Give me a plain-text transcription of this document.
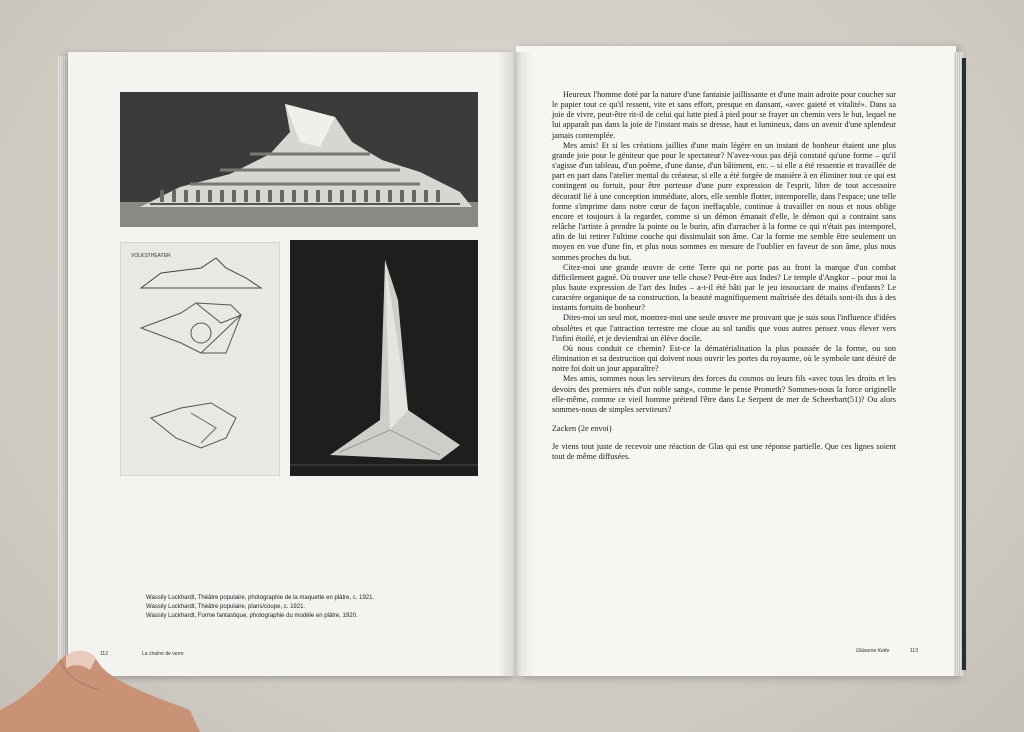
VOLKSTHEATER
Wassily Luckhardt, Théâtre populaire, photographie de la maquette en plâtre, c. 1921.
Wassily Luckhardt, Théâtre populaire, plans/coupe, c. 1921.
Wassily Luckhardt, Forme fantastique, photographie du modèle en plâtre, 1920.
112	La chaîne de verre

Heureux l'homme doté par la nature d'une fantaisie jaillissante et d'une main adroite pour coucher sur le papier tout ce qu'il ressent, vite et sans effort, presque en dansant, «avec gaieté et vitalité». Dans sa joie de vivre, peut-être rit-il de celui qui lutte pied à pied pour se frayer un chemin vers le but, lequel ne lui apparaît pas dans la joie de l'instant mais se dresse, haut et lumineux, dans un avenir d'une splendeur jamais contemplée.

Mes amis! Et si les créations jaillies d'une main légère en un instant de bonheur étaient une plus grande joie pour le géniteur que pour le spectateur? N'avez-vous pas déjà constaté qu'une forme – qu'il s'agisse d'un tableau, d'un poème, d'une danse, d'un bâtiment, etc. – si elle a été ressentie et travaillée de part en part dans l'atelier mental du créateur, si elle a été forgée de manière à en éliminer tout ce qui est contingent ou fortuit, pour être porteuse d'une pure expression de l'esprit, libre de tout accessoire décoratif lié à une conception immédiate, alors, elle semble flotter, intemporelle, dans l'espace; une telle forme s'imprime dans notre cœur de façon ineffaçable, continue à travailler en nous et nous oblige encore et toujours à la regarder, comme si un démon émanait d'elle, le démon qui a contraint sans relâche l'artiste à prendre la pointe ou le burin, afin d'arracher à la forme ce qui n'était pas intemporel, afin de lui retirer l'ultime couche qui dissimulait son âme. Car la forme me semble être seulement un moyen en vue d'une fin, et plus nous sommes en mesure de l'oublier en faveur de son âme, plus nous sommes proches du but.

Citez-moi une grande œuvre de cette Terre qui ne porte pas au front la marque d'un combat difficilement gagné. Où trouver une telle chose? Peut-être aux Indes? Le temple d'Angkor – pour moi la plus haute expression de l'art des Indes – a-t-il été bâti par le jeu insouciant de mains d'enfants? Le caractère organique de sa construction, la beauté magnifiquement maîtrisée des détails sont-ils dus à des instants fortuits de bonheur?

Dites-moi un seul mot, montrez-moi une seule œuvre me prouvant que je suis sous l'influence d'idées obsolètes et que l'attraction terrestre me cloue au sol tandis que vous autres pensez vous élever vers l'infini étoilé, et je deviendrai un élève docile.

Où nous conduit ce chemin? Est-ce la dématérialisation la plus poussée de la forme, ou son élimination et sa destruction qui doivent nous ouvrir les portes du royaume, où le symbole tant désiré de notre foi doit un jour apparaître?

Mes amis, sommes nous les serviteurs des forces du cosmos ou leurs fils «avec tous les droits et les devoirs des premiers nés d'un noble sang», comme le pense Prometh? Sommes-nous la force originelle elle-même, comme ce vieil homme prétend l'être dans Le Serpent de mer de Scheerbart(51)? Ou alors sommes-nous de simples serviteurs?

Zacken (2e envoi)

Je viens tout juste de recevoir une réaction de Glas qui est une réponse partielle. Que ces lignes soient tout de même diffusées.

Gläserne Kette	113
